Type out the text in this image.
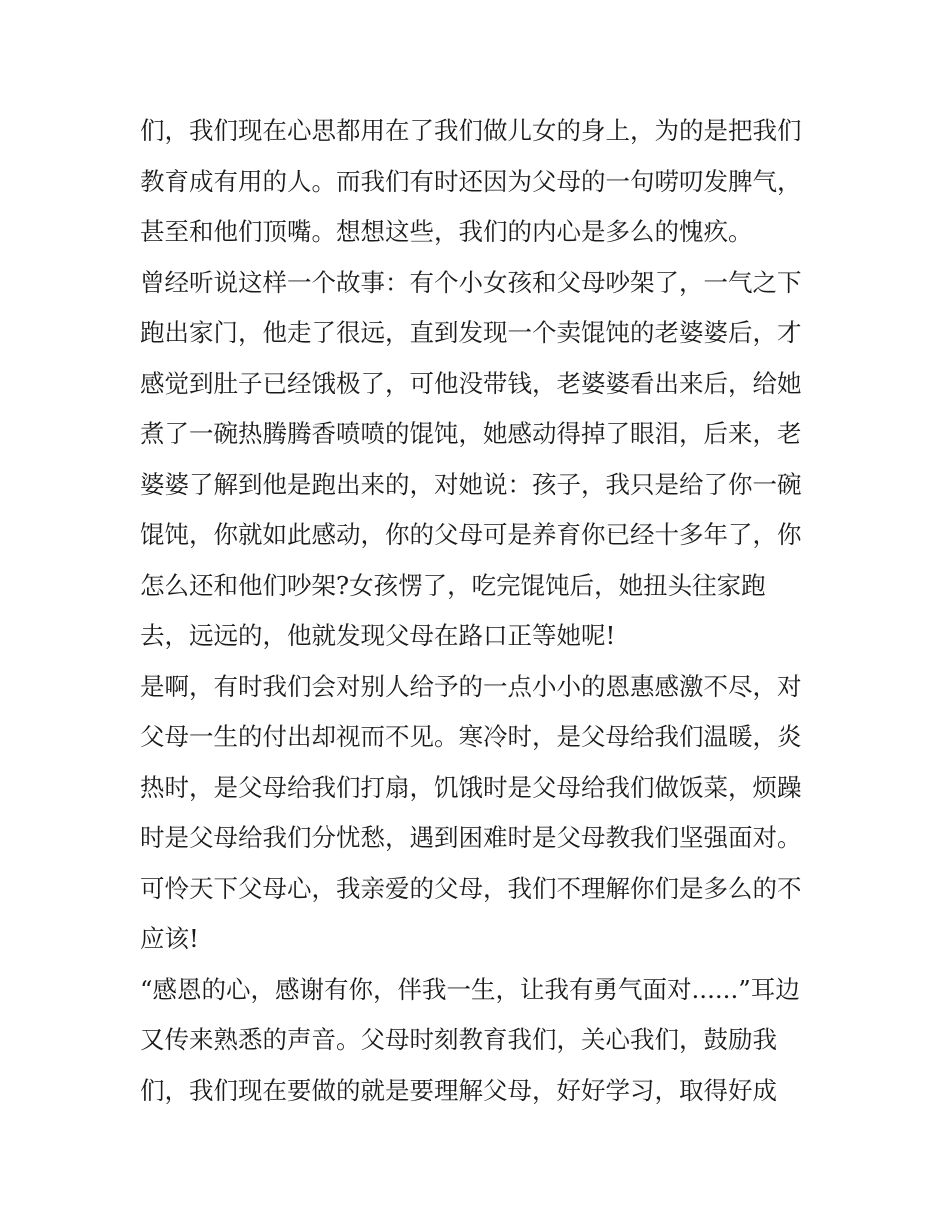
们，我们现在心思都用在了我们做儿女的身上，为的是把我们
教育成有用的人。而我们有时还因为父母的一句唠叨发脾气，
甚至和他们顶嘴。想想这些，我们的内心是多么的愧疚。
曾经听说这样一个故事：有个小女孩和父母吵架了，一气之下
跑出家门，他走了很远，直到发现一个卖馄饨的老婆婆后，才
感觉到肚子已经饿极了，可他没带钱，老婆婆看出来后，给她
煮了一碗热腾腾香喷喷的馄饨，她感动得掉了眼泪，后来，老
婆婆了解到他是跑出来的，对她说：孩子，我只是给了你一碗
馄饨，你就如此感动，你的父母可是养育你已经十多年了，你
怎么还和他们吵架?女孩愣了，吃完馄饨后，她扭头往家跑
去，远远的，他就发现父母在路口正等她呢!
是啊，有时我们会对别人给予的一点小小的恩惠感激不尽，对
父母一生的付出却视而不见。寒冷时，是父母给我们温暖，炎
热时，是父母给我们打扇，饥饿时是父母给我们做饭菜，烦躁
时是父母给我们分忧愁，遇到困难时是父母教我们坚强面对。
可怜天下父母心，我亲爱的父母，我们不理解你们是多么的不
应该!
“感恩的心，感谢有你，伴我一生，让我有勇气面对......”耳边
又传来熟悉的声音。父母时刻教育我们，关心我们，鼓励我
们，我们现在要做的就是要理解父母，好好学习，取得好成
